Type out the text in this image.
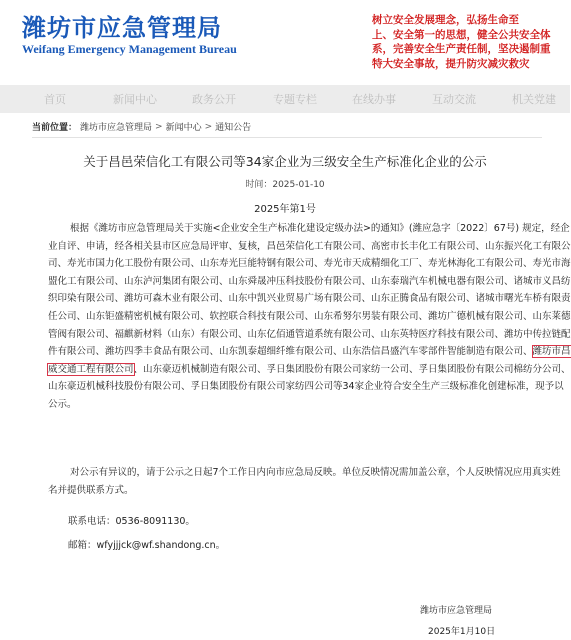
潍坊市应急管理局
Weifang Emergency Management Bureau
树立安全发展理念，弘扬生命至
上、安全第一的思想，健全公共安全体
系，完善安全生产责任制，坚决遏制重
特大安全事故，提升防灾减灾救灾
首页	新闻中心	政务公开	专题专栏	在线办事	互动交流	机关党建
当前位置： 潍坊市应急管理局 > 新闻中心 > 通知公告
关于昌邑荣信化工有限公司等34家企业为三级安全生产标准化企业的公示
时间：2025-01-10
2025年第1号
根据《潍坊市应急管理局关于实施<企业安全生产标准化建设定级办法>的通知》(潍应急字〔2022〕67号) 规定，经企
业自评、申请，经各相关县市区应急局评审、复核，昌邑荣信化工有限公司、高密市长丰化工有限公司、山东振兴化工有限公
司、寿光市国力化工股份有限公司、山东寿光巨能特钢有限公司、寿光市天成精细化工厂、寿光林海化工有限公司、寿光市海
盟化工有限公司、山东泸河集团有限公司、山东舜晟冲压科技股份有限公司、山东泰瑞汽车机械电器有限公司、诸城市义昌纺
织印染有限公司、潍坊可森木业有限公司、山东中凯兴业贸易广场有限公司、山东正腾食品有限公司、诸城市曙光车桥有限责
任公司、山东钜盛精密机械有限公司、软控联合科技有限公司、山东希努尔男装有限公司、潍坊广德机械有限公司、山东莱德
管阀有限公司、福麒新材料（山东）有限公司、山东亿佰通管道系统有限公司、山东英特医疗科技有限公司、潍坊中传拉链配
件有限公司、潍坊四季丰食品有限公司、山东凯泰超细纤维有限公司、山东浩信昌盛汽车零部件智能制造有限公司、潍坊市昌
威交通工程有限公司、山东豪迈机械制造有限公司、孚日集团股份有限公司家纺一公司、孚日集团股份有限公司棉纺分公司、
山东豪迈机械科技股份有限公司、孚日集团股份有限公司家纺四公司等34家企业符合安全生产三级标准化创建标准，现予以
公示。
对公示有异议的，请于公示之日起7个工作日内向市应急局反映。单位反映情况需加盖公章，个人反映情况应用真实姓
名并提供联系方式。
联系电话：0536-8091130。
邮箱：wfyjjjck@wf.shandong.cn。
潍坊市应急管理局
2025年1月10日
